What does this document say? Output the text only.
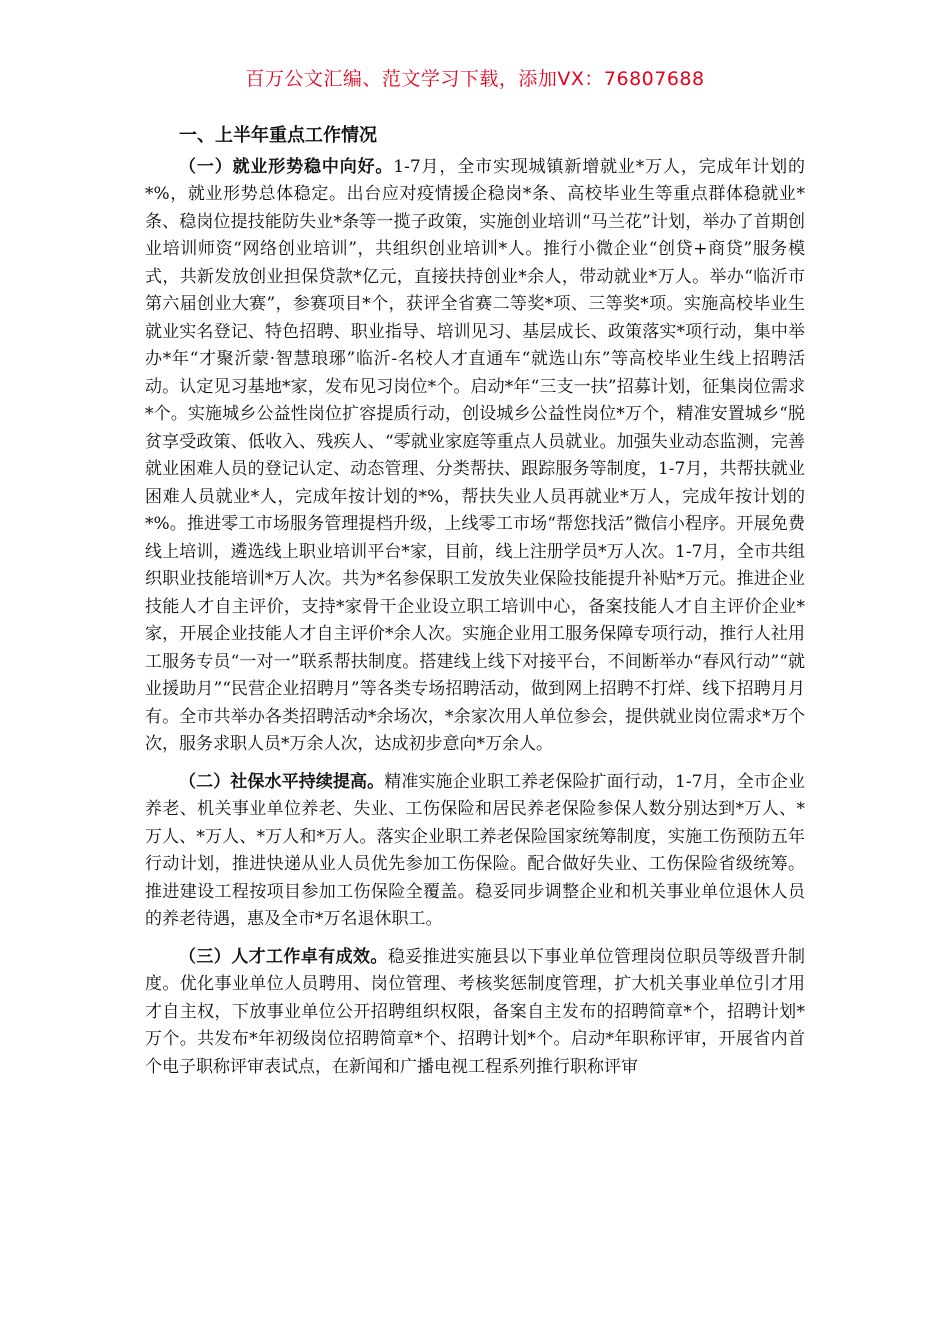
百万公文汇编、范文学习下载，添加VX：76807688
一、上半年重点工作情况

（一）就业形势稳中向好。1-7月，全市实现城镇新增就业*万人，完成年计划的*%，就业形势总体稳定。出台应对疫情援企稳岗*条、高校毕业生等重点群体稳就业*条、稳岗位提技能防失业*条等一揽子政策，实施创业培训“马兰花”计划，举办了首期创业培训师资“网络创业培训”，共组织创业培训*人。推行小微企业“创贷+商贷”服务模式，共新发放创业担保贷款*亿元，直接扶持创业*余人，带动就业*万人。举办“临沂市第六届创业大赛”，参赛项目*个，获评全省赛二等奖*项、三等奖*项。实施高校毕业生就业实名登记、特色招聘、职业指导、培训见习、基层成长、政策落实*项行动，集中举办*年“才聚沂蒙·智慧琅琊”临沂-名校人才直通车“就选山东”等高校毕业生线上招聘活动。认定见习基地*家，发布见习岗位*个。启动*年“三支一扶”招募计划，征集岗位需求*个。实施城乡公益性岗位扩容提质行动，创设城乡公益性岗位*万个，精准安置城乡“脱贫享受政策、低收入、残疾人、“零就业家庭等重点人员就业。加强失业动态监测，完善就业困难人员的登记认定、动态管理、分类帮扶、跟踪服务等制度，1-7月，共帮扶就业困难人员就业*人，完成年按计划的*%，帮扶失业人员再就业*万人，完成年按计划的*%。推进零工市场服务管理提档升级，上线零工市场“帮您找活”微信小程序。开展免费线上培训，遴选线上职业培训平台*家，目前，线上注册学员*万人次。1-7月，全市共组织职业技能培训*万人次。共为*名参保职工发放失业保险技能提升补贴*万元。推进企业技能人才自主评价，支持*家骨干企业设立职工培训中心，备案技能人才自主评价企业*家，开展企业技能人才自主评价*余人次。实施企业用工服务保障专项行动，推行人社用工服务专员“一对一”联系帮扶制度。搭建线上线下对接平台，不间断举办“春风行动”“就业援助月”“民营企业招聘月”等各类专场招聘活动，做到网上招聘不打烊、线下招聘月月有。全市共举办各类招聘活动*余场次，*余家次用人单位参会，提供就业岗位需求*万个次，服务求职人员*万余人次，达成初步意向*万余人。

（二）社保水平持续提高。精准实施企业职工养老保险扩面行动，1-7月，全市企业养老、机关事业单位养老、失业、工伤保险和居民养老保险参保人数分别达到*万人、*万人、*万人、*万人和*万人。落实企业职工养老保险国家统筹制度，实施工伤预防五年行动计划，推进快递从业人员优先参加工伤保险。配合做好失业、工伤保险省级统筹。推进建设工程按项目参加工伤保险全覆盖。稳妥同步调整企业和机关事业单位退休人员的养老待遇，惠及全市*万名退休职工。

（三）人才工作卓有成效。稳妥推进实施县以下事业单位管理岗位职员等级晋升制度。优化事业单位人员聘用、岗位管理、考核奖惩制度管理，扩大机关事业单位引才用才自主权，下放事业单位公开招聘组织权限，备案自主发布的招聘简章*个，招聘计划*万个。共发布*年初级岗位招聘简章*个、招聘计划*个。启动*年职称评审，开展省内首个电子职称评审表试点，在新闻和广播电视工程系列推行职称评审
